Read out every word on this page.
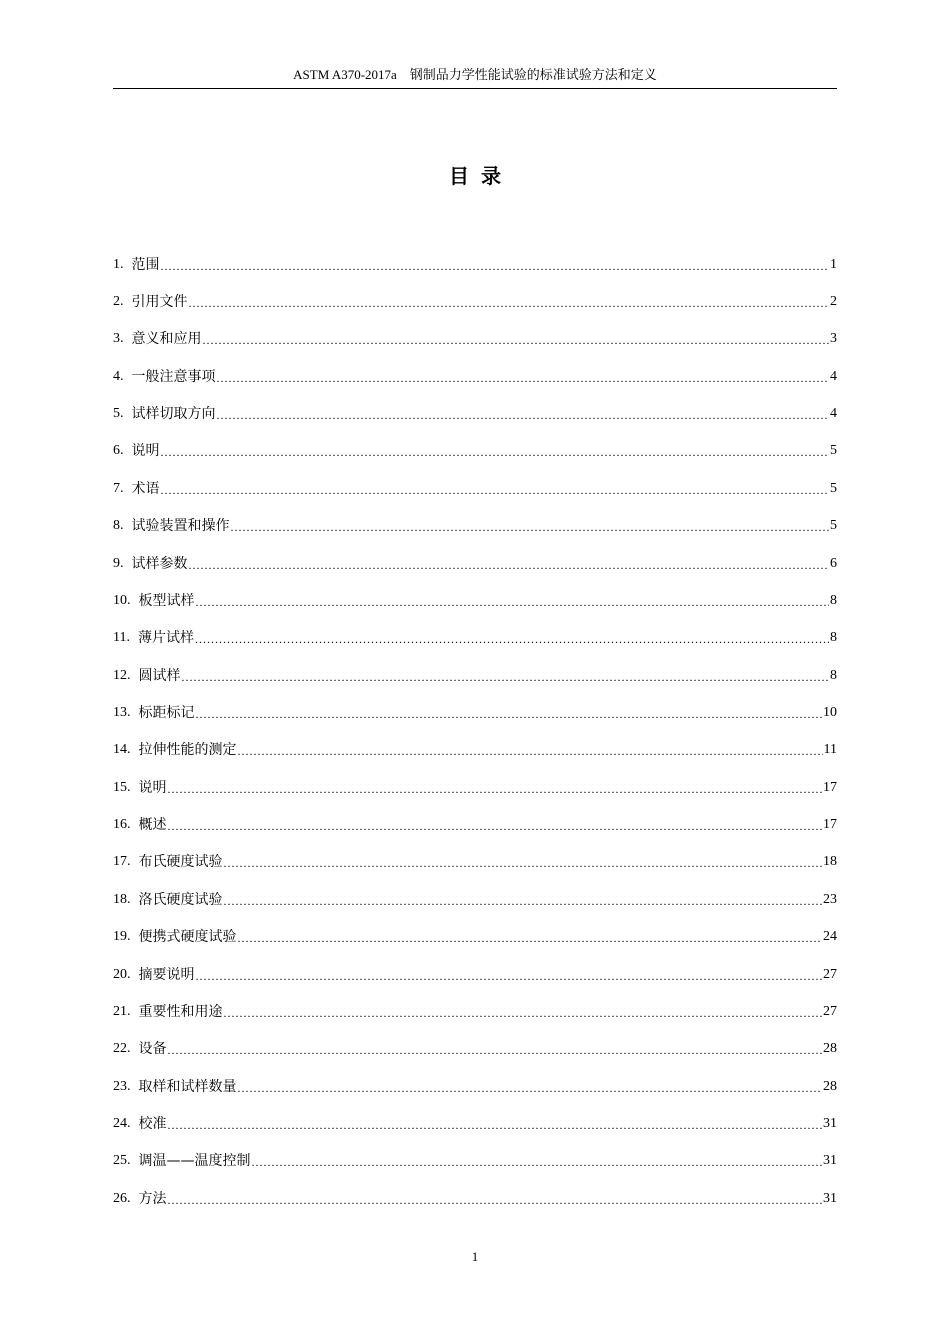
ASTM A370-2017a　钢制品力学性能试验的标准试验方法和定义
目录
1. 范围 .....	1
2. 引用文件 .....	2
3. 意义和应用 .....	3
4. 一般注意事项 .....	4
5. 试样切取方向 .....	4
6. 说明 .....	5
7. 术语 .....	5
8. 试验装置和操作 .....	5
9. 试样参数 .....	6
10. 板型试样 .....	8
11. 薄片试样 .....	8
12. 圆试样 .....	8
13. 标距标记 .....	10
14. 拉伸性能的测定 .....	11
15. 说明 .....	17
16. 概述 .....	17
17. 布氏硬度试验 .....	18
18. 洛氏硬度试验 .....	23
19. 便携式硬度试验 .....	24
20. 摘要说明 .....	27
21. 重要性和用途 .....	27
22. 设备 .....	28
23. 取样和试样数量 .....	28
24. 校准 .....	31
25. 调温——温度控制 .....	31
26. 方法 .....	31
1
